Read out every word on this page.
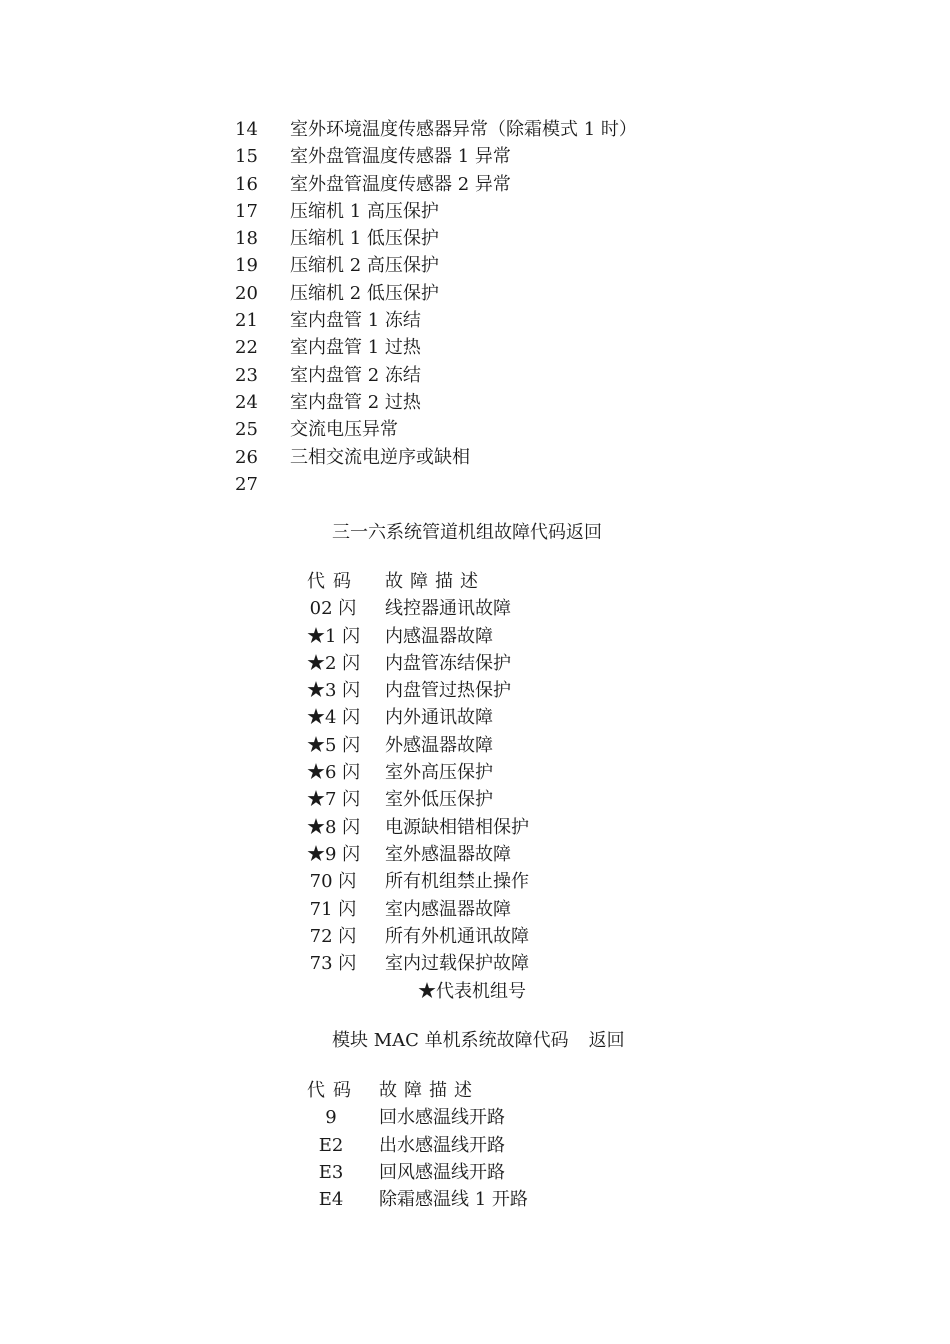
14 室外环境温度传感器异常（除霜模式 1 时）
15 室外盘管温度传感器 1 异常
16 室外盘管温度传感器 2 异常
17 压缩机 1 高压保护
18 压缩机 1 低压保护
19 压缩机 2 高压保护
20 压缩机 2 低压保护
21 室内盘管 1 冻结
22 室内盘管 1 过热
23 室内盘管 2 冻结
24 室内盘管 2 过热
25 交流电压异常
26 三相交流电逆序或缺相
27
三一六系统管道机组故障代码返回
代码 故障描述
02 闪 线控器通讯故障
★1 闪 内感温器故障
★2 闪 内盘管冻结保护
★3 闪 内盘管过热保护
★4 闪 内外通讯故障
★5 闪 外感温器故障
★6 闪 室外高压保护
★7 闪 室外低压保护
★8 闪 电源缺相错相保护
★9 闪 室外感温器故障
70 闪 所有机组禁止操作
71 闪 室内感温器故障
72 闪 所有外机通讯故障
73 闪 室内过载保护故障
★代表机组号
模块 MAC 单机系统故障代码 返回
代码 故障描述
9 回水感温线开路
E2 出水感温线开路
E3 回风感温线开路
E4 除霜感温线 1 开路
